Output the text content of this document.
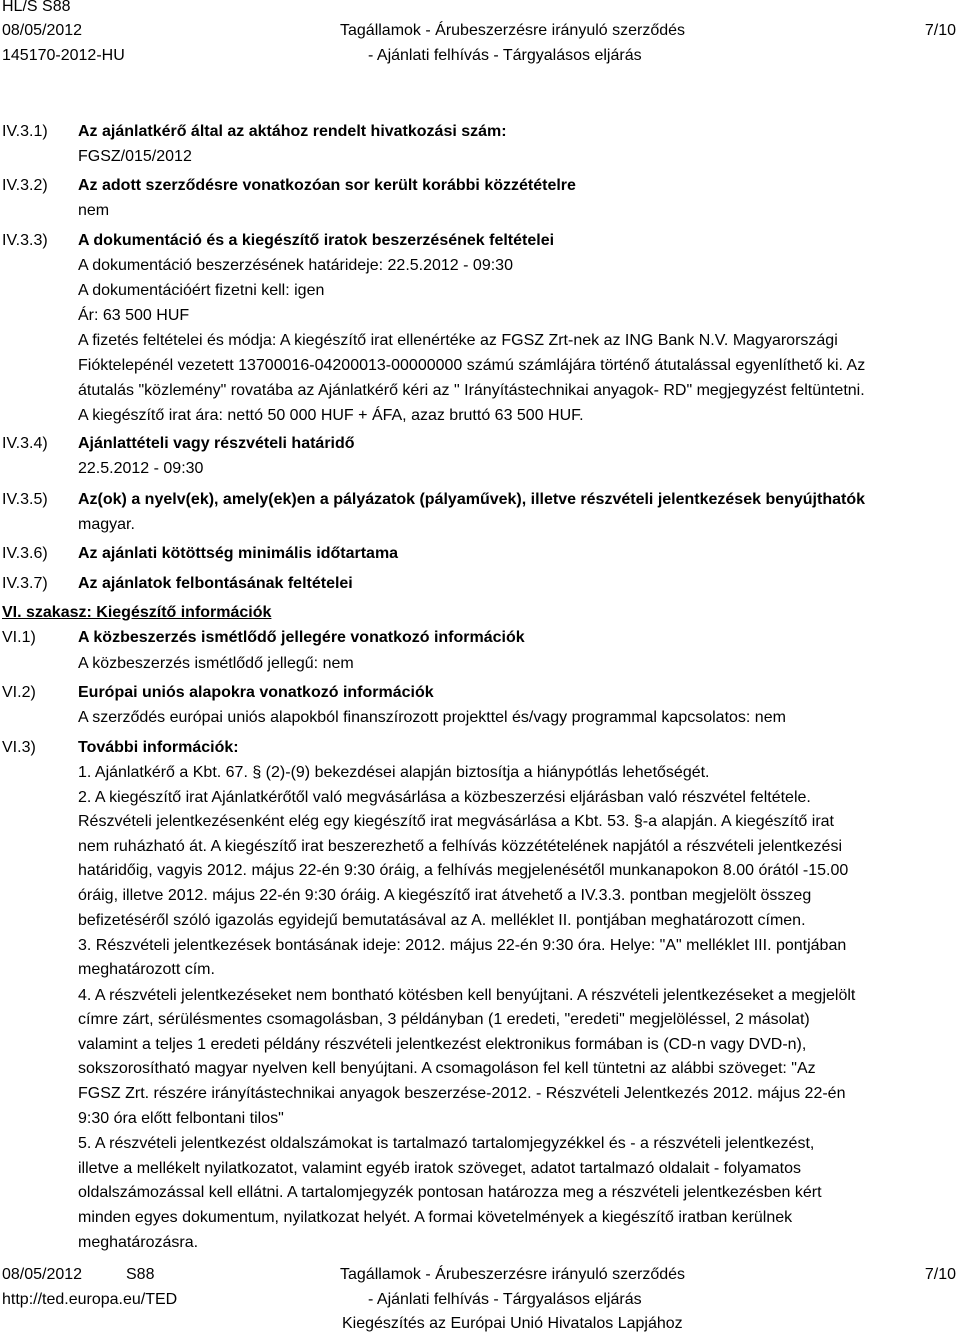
HL/S S88
08/05/2012
145170-2012-HU
Tagállamok - Árubeszerzésre irányuló szerződés
- Ajánlati felhívás - Tárgyalásos eljárás
7/10
IV.3.1) Az ajánlatkérő által az aktához rendelt hivatkozási szám:
FGSZ/015/2012
IV.3.2) Az adott szerződésre vonatkozóan sor került korábbi közzétételre
nem
IV.3.3) A dokumentáció és a kiegészítő iratok beszerzésének feltételei
A dokumentáció beszerzésének határideje: 22.5.2012 - 09:30
A dokumentációért fizetni kell: igen
Ár: 63 500 HUF
A fizetés feltételei és módja: A kiegészítő irat ellenértéke az FGSZ Zrt-nek az ING Bank N.V. Magyarországi
Fióktelepénél vezetett 13700016-04200013-00000000 számú számlájára történő átutalással egyenlíthető ki. Az
átutalás "közlemény" rovatába az Ajánlatkérő kéri az " Irányítástechnikai anyagok- RD" megjegyzést feltüntetni.
A kiegészítő irat ára: nettó 50 000 HUF + ÁFA, azaz bruttó 63 500 HUF.
IV.3.4) Ajánlattételi vagy részvételi határidő
22.5.2012 - 09:30
IV.3.5) Az(ok) a nyelv(ek), amely(ek)en a pályázatok (pályaművek), illetve részvételi jelentkezések benyújthatók
magyar.
IV.3.6) Az ajánlati kötöttség minimális időtartama
IV.3.7) Az ajánlatok felbontásának feltételei
VI. szakasz: Kiegészítő információk
VI.1)	A közbeszerzés ismétlődő jellegére vonatkozó információk
A közbeszerzés ismétlődő jellegű: nem
VI.2)	Európai uniós alapokra vonatkozó információk
A szerződés európai uniós alapokból finanszírozott projekttel és/vagy programmal kapcsolatos: nem
VI.3)	További információk:
1. Ajánlatkérő a Kbt. 67. § (2)-(9) bekezdései alapján biztosítja a hiánypótlás lehetőségét.
2. A kiegészítő irat Ajánlatkérőtől való megvásárlása a közbeszerzési eljárásban való részvétel feltétele.
Részvételi jelentkezésenként elég egy kiegészítő irat megvásárlása a Kbt. 53. §-a alapján. A kiegészítő irat
nem ruházható át. A kiegészítő irat beszerezhető a felhívás közzétételének napjától a részvételi jelentkezési
határidőig, vagyis 2012. május 22-én 9:30 óráig, a felhívás megjelenésétől munkanapokon 8.00 órától -15.00
óráig, illetve 2012. május 22-én 9:30 óráig. A kiegészítő irat átvehető a IV.3.3. pontban megjelölt összeg
befizetéséről szóló igazolás egyidejű bemutatásával az A. melléklet II. pontjában meghatározott címen.
3. Részvételi jelentkezések bontásának ideje: 2012. május 22-én 9:30 óra. Helye: "A" melléklet III. pontjában
meghatározott cím.
4. A részvételi jelentkezéseket nem bontható kötésben kell benyújtani. A részvételi jelentkezéseket a megjelölt
címre zárt, sérülésmentes csomagolásban, 3 példányban (1 eredeti, "eredeti" megjelöléssel, 2 másolat)
valamint a teljes 1 eredeti példány részvételi jelentkezést elektronikus formában is (CD-n vagy DVD-n),
sokszorosítható magyar nyelven kell benyújtani. A csomagoláson fel kell tüntetni az alábbi szöveget: "Az
FGSZ Zrt. részére irányítástechnikai anyagok beszerzése-2012. - Részvételi Jelentkezés 2012. május 22-én
9:30 óra előtt felbontani tilos"
5. A részvételi jelentkezést oldalszámokat is tartalmazó tartalomjegyzékkel és - a részvételi jelentkezést,
illetve a mellékelt nyilatkozatot, valamint egyéb iratok szöveget, adatot tartalmazó oldalait - folyamatos
oldalszámozással kell ellátni. A tartalomjegyzék pontosan határozza meg a részvételi jelentkezésben kért
minden egyes dokumentum, nyilatkozat helyét. A formai követelmények a kiegészítő iratban kerülnek
meghatározásra.
08/05/2012	S88
http://ted.europa.eu/TED
Tagállamok - Árubeszerzésre irányuló szerződés
- Ajánlati felhívás - Tárgyalásos eljárás
Kiegészítés az Európai Unió Hivatalos Lapjához
7/10
